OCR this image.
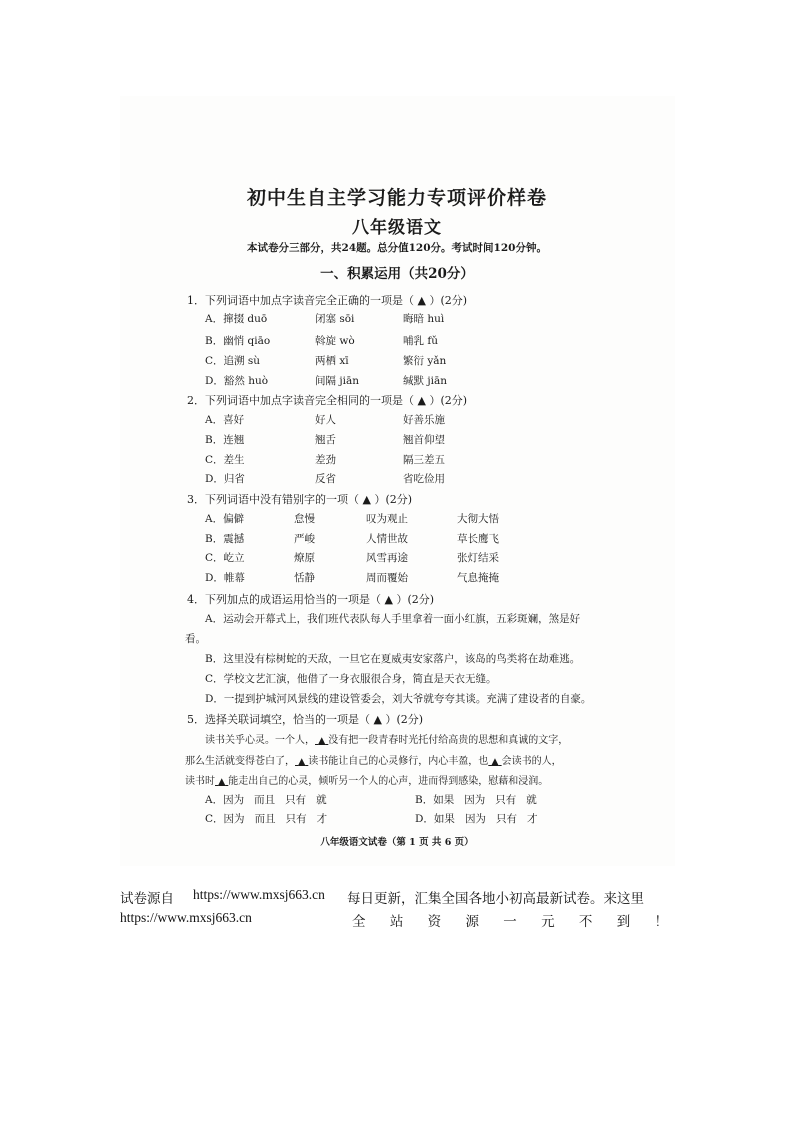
初中生自主学习能力专项评价样卷
八年级语文
本试卷分三部分，共24题。总分值120分。考试时间120分钟。
一、积累运用（共20分）
1．下列词语中加点字读音完全正确的一项是（ ▲ ）(2分)
A．撺掇 duō	闭塞 sōi	晦暗 huì
B．幽悄 qiāo	斡旋 wò	哺乳 fǔ
C．追溯 sù	两栖 xī	繁衍 yǎn
D．豁然 huò	间隔 jiān	缄默 jiān
2．下列词语中加点字读音完全相同的一项是（ ▲ ）(2分)
A．喜好	好人	好善乐施
B．连翘	翘舌	翘首仰望
C．差生	差劲	隔三差五
D．归省	反省	省吃俭用
3．下列词语中没有错别字的一项（ ▲ ）(2分)
A．偏僻	怠慢	叹为观止	大彻大悟
B．震撼	严峻	人情世故	草长鹰飞
C．屹立	燎原	风雪再途	张灯结采
D．帷幕	恬静	周而覆始	气息掩掩
4．下列加点的成语运用恰当的一项是（ ▲ ）(2分)
A．运动会开幕式上，我们班代表队每人手里拿着一面小红旗，五彩斑斓，煞是好
看。
B．这里没有棕树蛇的天敌，一旦它在夏威夷安家落户，该岛的鸟类将在劫难逃。
C．学校文艺汇演，他借了一身衣服很合身，简直是天衣无缝。
D．一提到护城河风景线的建设管委会，刘大爷就夸夸其谈。充满了建设者的自豪。
5．选择关联词填空，恰当的一项是（ ▲ ）(2分)
读书关乎心灵。一个人， ▲ 没有把一段青春时光托付给高贵的思想和真诚的文字，
那么生活就变得苍白了， ▲ 读书能让自己的心灵修行，内心丰盈，也 ▲ 会读书的人，
读书时 ▲ 能走出自己的心灵，倾听另一个人的心声，进而得到感染，慰藉和浸润。
A．因为 而且 只有 就	B．如果 因为 只有 就
C．因为 而且 只有 才	D．如果 因为 只有 才
八年级语文试卷（第 1 页 共 6 页）
试卷源自 https://www.mxsj663.cn 每日更新，汇集全国各地小初高最新试卷。来这里
https://www.mxsj663.cn	全 站 资 源 一 元 不 到 ！
